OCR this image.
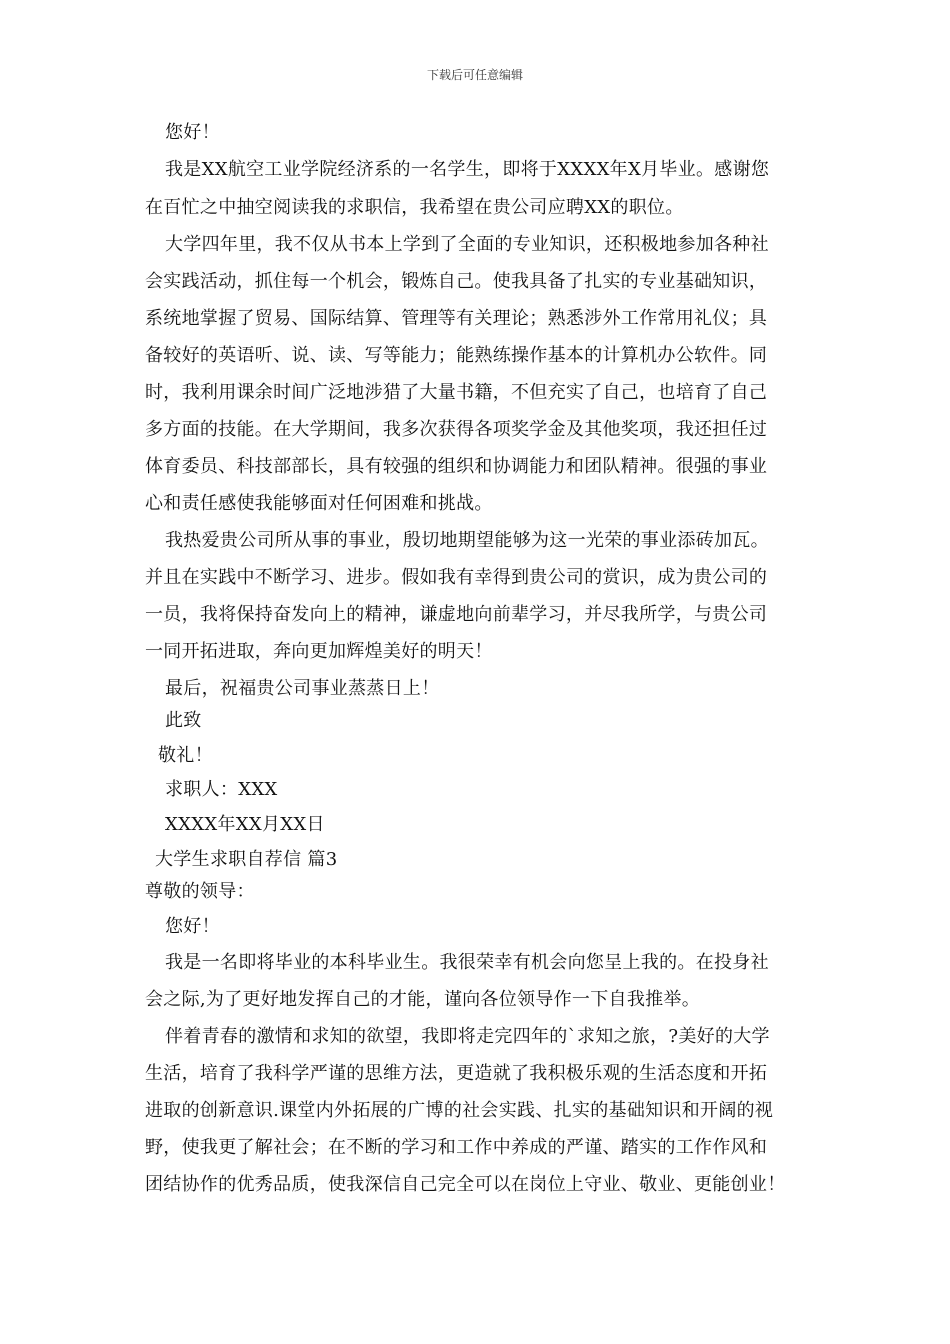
下载后可任意编辑
您好！
我是XX航空工业学院经济系的一名学生，即将于XXXX年X月毕业。感谢您
在百忙之中抽空阅读我的求职信，我希望在贵公司应聘XX的职位。
大学四年里，我不仅从书本上学到了全面的专业知识，还积极地参加各种社
会实践活动，抓住每一个机会，锻炼自己。使我具备了扎实的专业基础知识，
系统地掌握了贸易、国际结算、管理等有关理论；熟悉涉外工作常用礼仪；具
备较好的英语听、说、读、写等能力；能熟练操作基本的计算机办公软件。同
时，我利用课余时间广泛地涉猎了大量书籍，不但充实了自己，也培育了自己
多方面的技能。在大学期间，我多次获得各项奖学金及其他奖项，我还担任过
体育委员、科技部部长，具有较强的组织和协调能力和团队精神。很强的事业
心和责任感使我能够面对任何困难和挑战。
我热爱贵公司所从事的事业，殷切地期望能够为这一光荣的事业添砖加瓦。
并且在实践中不断学习、进步。假如我有幸得到贵公司的赏识，成为贵公司的
一员，我将保持奋发向上的精神，谦虚地向前辈学习，并尽我所学，与贵公司
一同开拓进取，奔向更加辉煌美好的明天！
最后，祝福贵公司事业蒸蒸日上！
此致
敬礼！
求职人：XXX
XXXX年XX月XX日
大学生求职自荐信 篇3
尊敬的领导：
您好！
我是一名即将毕业的本科毕业生。我很荣幸有机会向您呈上我的。在投身社
会之际,为了更好地发挥自己的才能，谨向各位领导作一下自我推举。
伴着青春的激情和求知的欲望，我即将走完四年的`求知之旅，?美好的大学
生活，培育了我科学严谨的思维方法，更造就了我积极乐观的生活态度和开拓
进取的创新意识.课堂内外拓展的广博的社会实践、扎实的基础知识和开阔的视
野，使我更了解社会；在不断的学习和工作中养成的严谨、踏实的工作作风和
团结协作的优秀品质，使我深信自己完全可以在岗位上守业、敬业、更能创业！
